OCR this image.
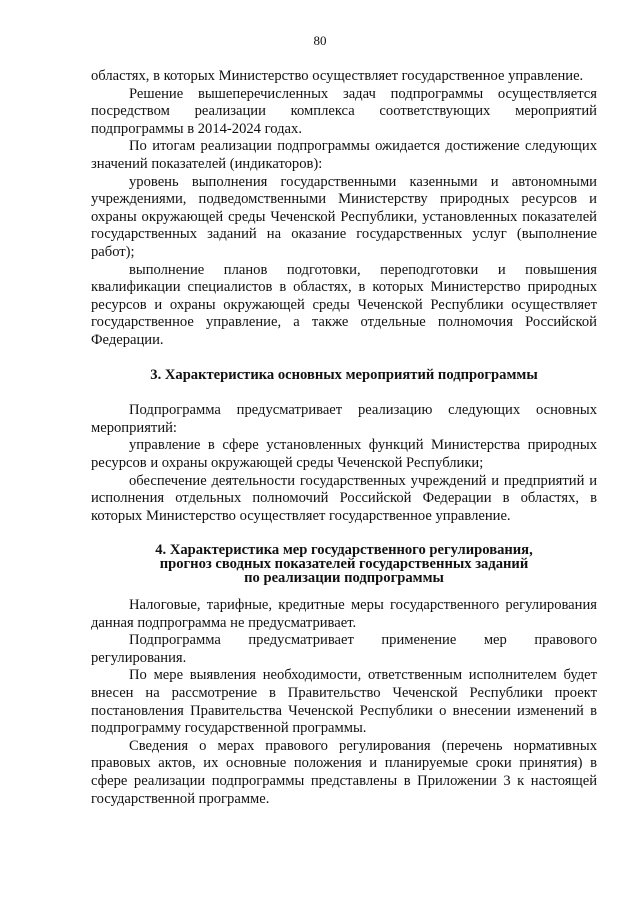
80

областях, в которых Министерство осуществляет государственное управление.

Решение вышеперечисленных задач подпрограммы осуществляется посредством реализации комплекса соответствующих мероприятий подпрограммы в 2014-2024 годах.

По итогам реализации подпрограммы ожидается достижение следующих значений показателей (индикаторов):

уровень выполнения государственными казенными и автономными учреждениями, подведомственными Министерству природных ресурсов и охраны окружающей среды Чеченской Республики, установленных показателей государственных заданий на оказание государственных услуг (выполнение работ);

выполнение планов подготовки, переподготовки и повышения квалификации специалистов в областях, в которых Министерство природных ресурсов и охраны окружающей среды Чеченской Республики осуществляет государственное управление, а также отдельные полномочия Российской Федерации.

3. Характеристика основных мероприятий подпрограммы

Подпрограмма предусматривает реализацию следующих основных мероприятий:

управление в сфере установленных функций Министерства природных ресурсов и охраны окружающей среды Чеченской Республики;

обеспечение деятельности государственных учреждений и предприятий и исполнения отдельных полномочий Российской Федерации в областях, в которых Министерство осуществляет государственное управление.

4. Характеристика мер государственного регулирования,
прогноз сводных показателей государственных заданий
по реализации подпрограммы

Налоговые, тарифные, кредитные меры государственного регулирования данная подпрограмма не предусматривает.

Подпрограмма предусматривает применение мер правового регулирования.

По мере выявления необходимости, ответственным исполнителем будет внесен на рассмотрение в Правительство Чеченской Республики проект постановления Правительства Чеченской Республики о внесении изменений в подпрограмму государственной программы.

Сведения о мерах правового регулирования (перечень нормативных правовых актов, их основные положения и планируемые сроки принятия) в сфере реализации подпрограммы представлены в Приложении 3 к настоящей государственной программе.
